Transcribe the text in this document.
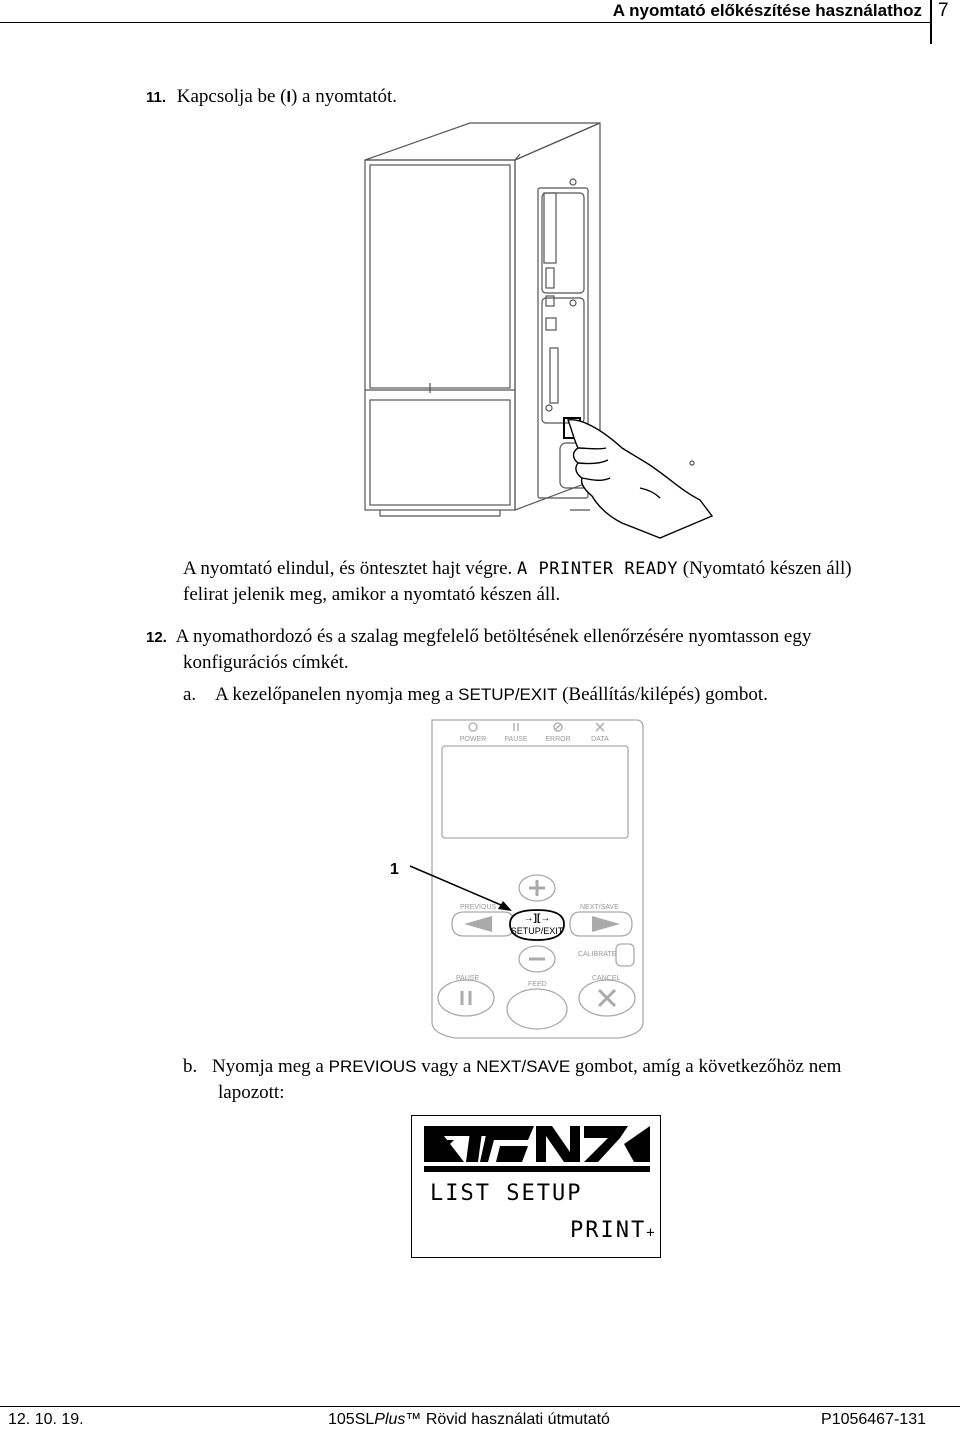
A nyomtató előkészítése használathoz 7
11. Kapcsolja be (I) a nyomtatót.
A nyomtató elindul, és öntesztet hajt végre. A PRINTER READY (Nyomtató készen áll)
felirat jelenik meg, amikor a nyomtató készen áll.
12. A nyomathordozó és a szalag megfelelő betöltésének ellenőrzésére nyomtasson egy
konfigurációs címkét.
a. A kezelőpanelen nyomja meg a SETUP/EXIT (Beállítás/kilépés) gombot.
→][→
1
POWER	PAUSE	ERROR	DATA
PREVIOUS	NEXT/SAVE
CALIBRATE
PAUSE
FEED
CANCEL
SETUP/EXIT
b. Nyomja meg a PREVIOUS vagy a NEXT/SAVE gombot, amíg a következőhöz nem
lapozott:
LIST SETUP
PRINT+
12. 10. 19.	105SLPlus™ Rövid használati útmutató	P1056467-131
